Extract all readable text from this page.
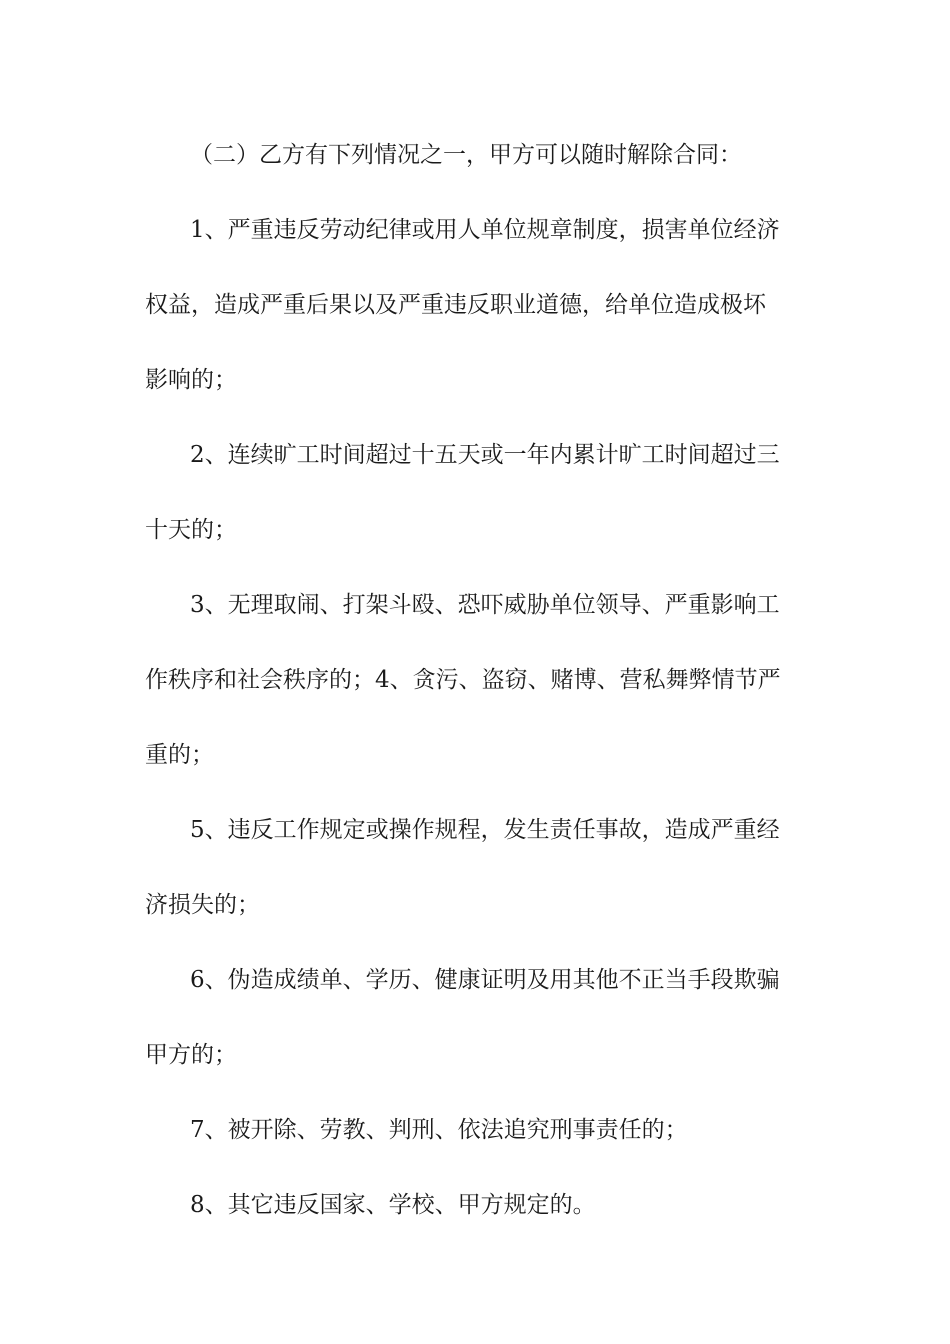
（二）乙方有下列情况之一，甲方可以随时解除合同：
1、严重违反劳动纪律或用人单位规章制度，损害单位经济
权益，造成严重后果以及严重违反职业道德，给单位造成极坏
影响的；
2、连续旷工时间超过十五天或一年内累计旷工时间超过三
十天的；
3、无理取闹、打架斗殴、恐吓威胁单位领导、严重影响工
作秩序和社会秩序的；4、贪污、盗窃、赌博、营私舞弊情节严
重的；
5、违反工作规定或操作规程，发生责任事故，造成严重经
济损失的；
6、伪造成绩单、学历、健康证明及用其他不正当手段欺骗
甲方的；
7、被开除、劳教、判刑、依法追究刑事责任的；
8、其它违反国家、学校、甲方规定的。
